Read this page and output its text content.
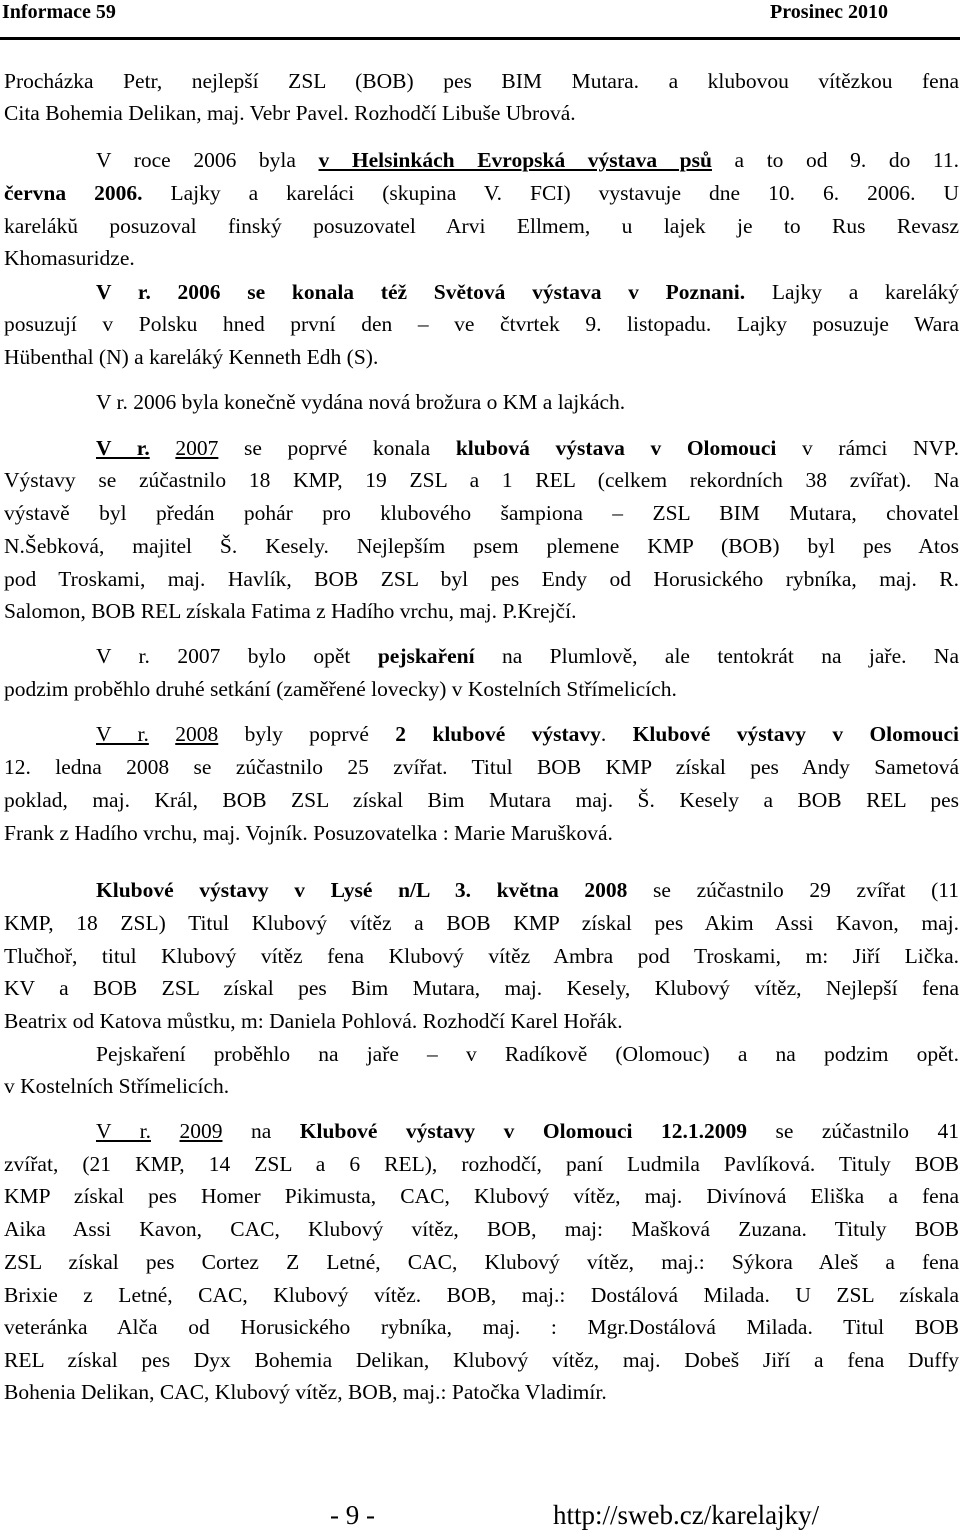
Informace 59	Prosinec 2010
Procházka Petr, nejlepší ZSL (BOB) pes BIM Mutara. a klubovou vítězkou fena
Cita Bohemia Delikan, maj. Vebr Pavel. Rozhodčí Libuše Ubrová.
V roce 2006 byla v Helsinkách Evropská výstava psů a to od 9. do 11.
června 2006. Lajky a kareláci (skupina V. FCI) vystavuje dne 10. 6. 2006. U
karelákŭ posuzoval finský posuzovatel Arvi Ellmem, u lajek je to Rus Revasz
Khomasuridze.
V r. 2006 se konala též Světová výstava v Poznani. Lajky a kareláký
posuzují v Polsku hned první den – ve čtvrtek 9. listopadu. Lajky posuzuje Wara
Hübenthal (N) a kareláký Kenneth Edh (S).
V r. 2006 byla konečně vydána nová brožura o KM a lajkách.
V r. 2007 se poprvé konala klubová výstava v Olomouci v rámci NVP.
Výstavy se zúčastnilo 18 KMP, 19 ZSL a 1 REL (celkem rekordních 38 zvířat). Na
výstavě byl předán pohár pro klubového šampiona – ZSL BIM Mutara, chovatel
N.Šebková, majitel Š. Kesely. Nejlepším psem plemene KMP (BOB) byl pes Atos
pod Troskami, maj. Havlík, BOB ZSL byl pes Endy od Horusického rybníka, maj. R.
Salomon, BOB REL získala Fatima z Hadího vrchu, maj. P.Krejčí.
V r. 2007 bylo opět pejskaření na Plumlově, ale tentokrát na jaře. Na
podzim proběhlo druhé setkání (zaměřené lovecky) v Kostelních Střímelicích.
V r. 2008 byly poprvé 2 klubové výstavy. Klubové výstavy v Olomouci
12. ledna 2008 se zúčastnilo 25 zvířat. Titul BOB KMP získal pes Andy Sametová
poklad, maj. Král, BOB ZSL získal Bim Mutara maj. Š. Kesely a BOB REL pes
Frank z Hadího vrchu, maj. Vojník. Posuzovatelka : Marie Marušková.
Klubové výstavy v Lysé n/L 3. května 2008 se zúčastnilo 29 zvířat (11
KMP, 18 ZSL) Titul Klubový vítěz a BOB KMP získal pes Akim Assi Kavon, maj.
Tlučhoř, titul Klubový vítěz fena Klubový vítěz Ambra pod Troskami, m: Jiří Lička.
KV a BOB ZSL získal pes Bim Mutara, maj. Kesely, Klubový vítěz, Nejlepší fena
Beatrix od Katova můstku, m: Daniela Pohlová. Rozhodčí Karel Hořák.
Pejskaření proběhlo na jaře – v Radíkově (Olomouc) a na podzim opět.
v Kostelních Střímelicích.
V r. 2009 na Klubové výstavy v Olomouci 12.1.2009 se zúčastnilo 41
zvířat, (21 KMP, 14 ZSL a 6 REL), rozhodčí, paní Ludmila Pavlíková. Tituly BOB
KMP získal pes Homer Pikimusta, CAC, Klubový vítěz, maj. Divínová Eliška a fena
Aika Assi Kavon, CAC, Klubový vítěz, BOB, maj: Mašková Zuzana. Tituly BOB
ZSL získal pes Cortez Z Letné, CAC, Klubový vítěz, maj.: Sýkora Aleš a fena
Brixie z Letné, CAC, Klubový vítěz. BOB, maj.: Dostálová Milada. U ZSL získala
veteránka Alča od Horusického rybníka, maj. : Mgr.Dostálová Milada. Titul BOB
REL získal pes Dyx Bohemia Delikan, Klubový vítěz, maj. Dobeš Jiří a fena Duffy
Bohenia Delikan, CAC, Klubový vítěz, BOB, maj.: Patočka Vladimír.
- 9 -	http://sweb.cz/karelajky/
